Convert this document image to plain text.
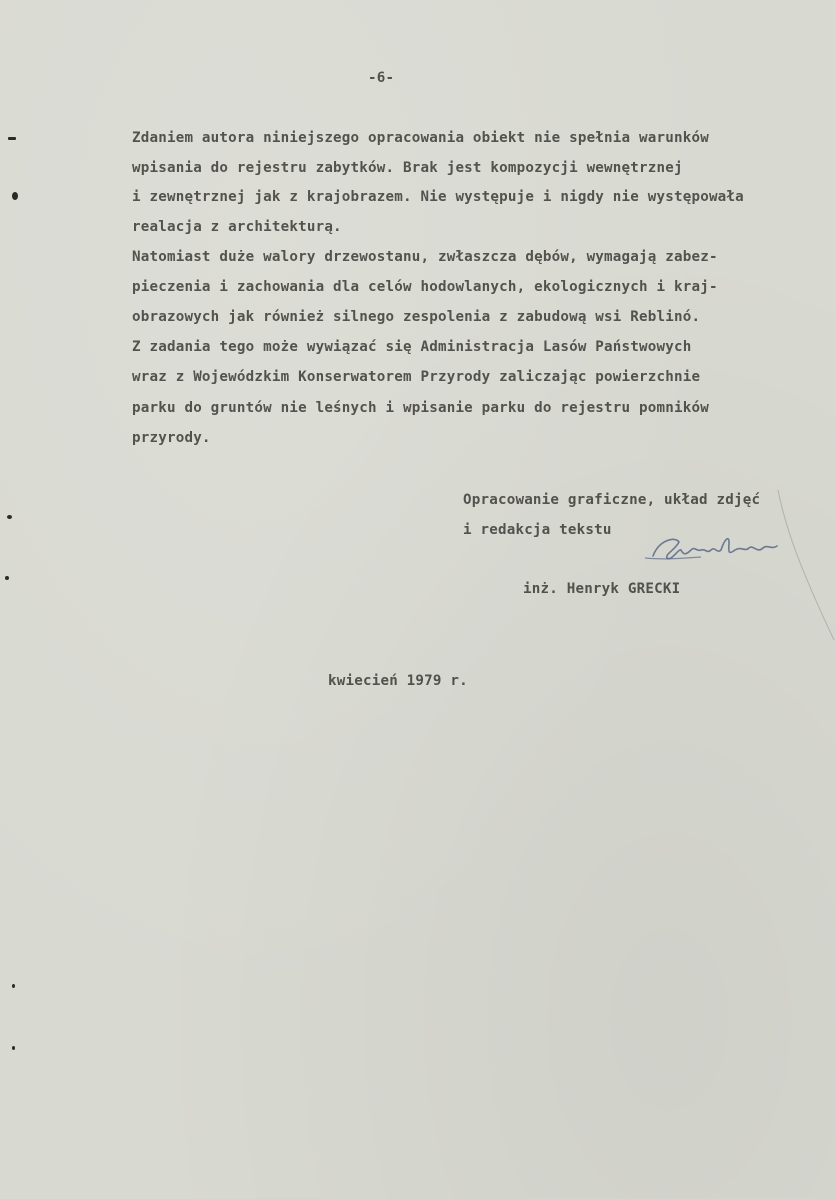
-6-
Zdaniem autora niniejszego opracowania obiekt nie spełnia warunków
wpisania do rejestru zabytków. Brak jest kompozycji wewnętrznej
i zewnętrznej jak z krajobrazem. Nie występuje i nigdy nie występowała
realacja z architekturą.
Natomiast duże walory drzewostanu, zwłaszcza dębów, wymagają zabez-
pieczenia i zachowania dla celów hodowlanych, ekologicznych i kraj-
obrazowych jak również silnego zespolenia z zabudową wsi Reblinó.
Z zadania tego może wywiązać się Administracja Lasów Państwowych
wraz z Wojewódzkim Konserwatorem Przyrody zaliczając powierzchnie
parku do gruntów nie leśnych i wpisanie parku do rejestru pomników
przyrody.
Opracowanie graficzne, układ zdjęć
i redakcja tekstu
inż. Henryk GRECKI
kwiecień 1979 r.
